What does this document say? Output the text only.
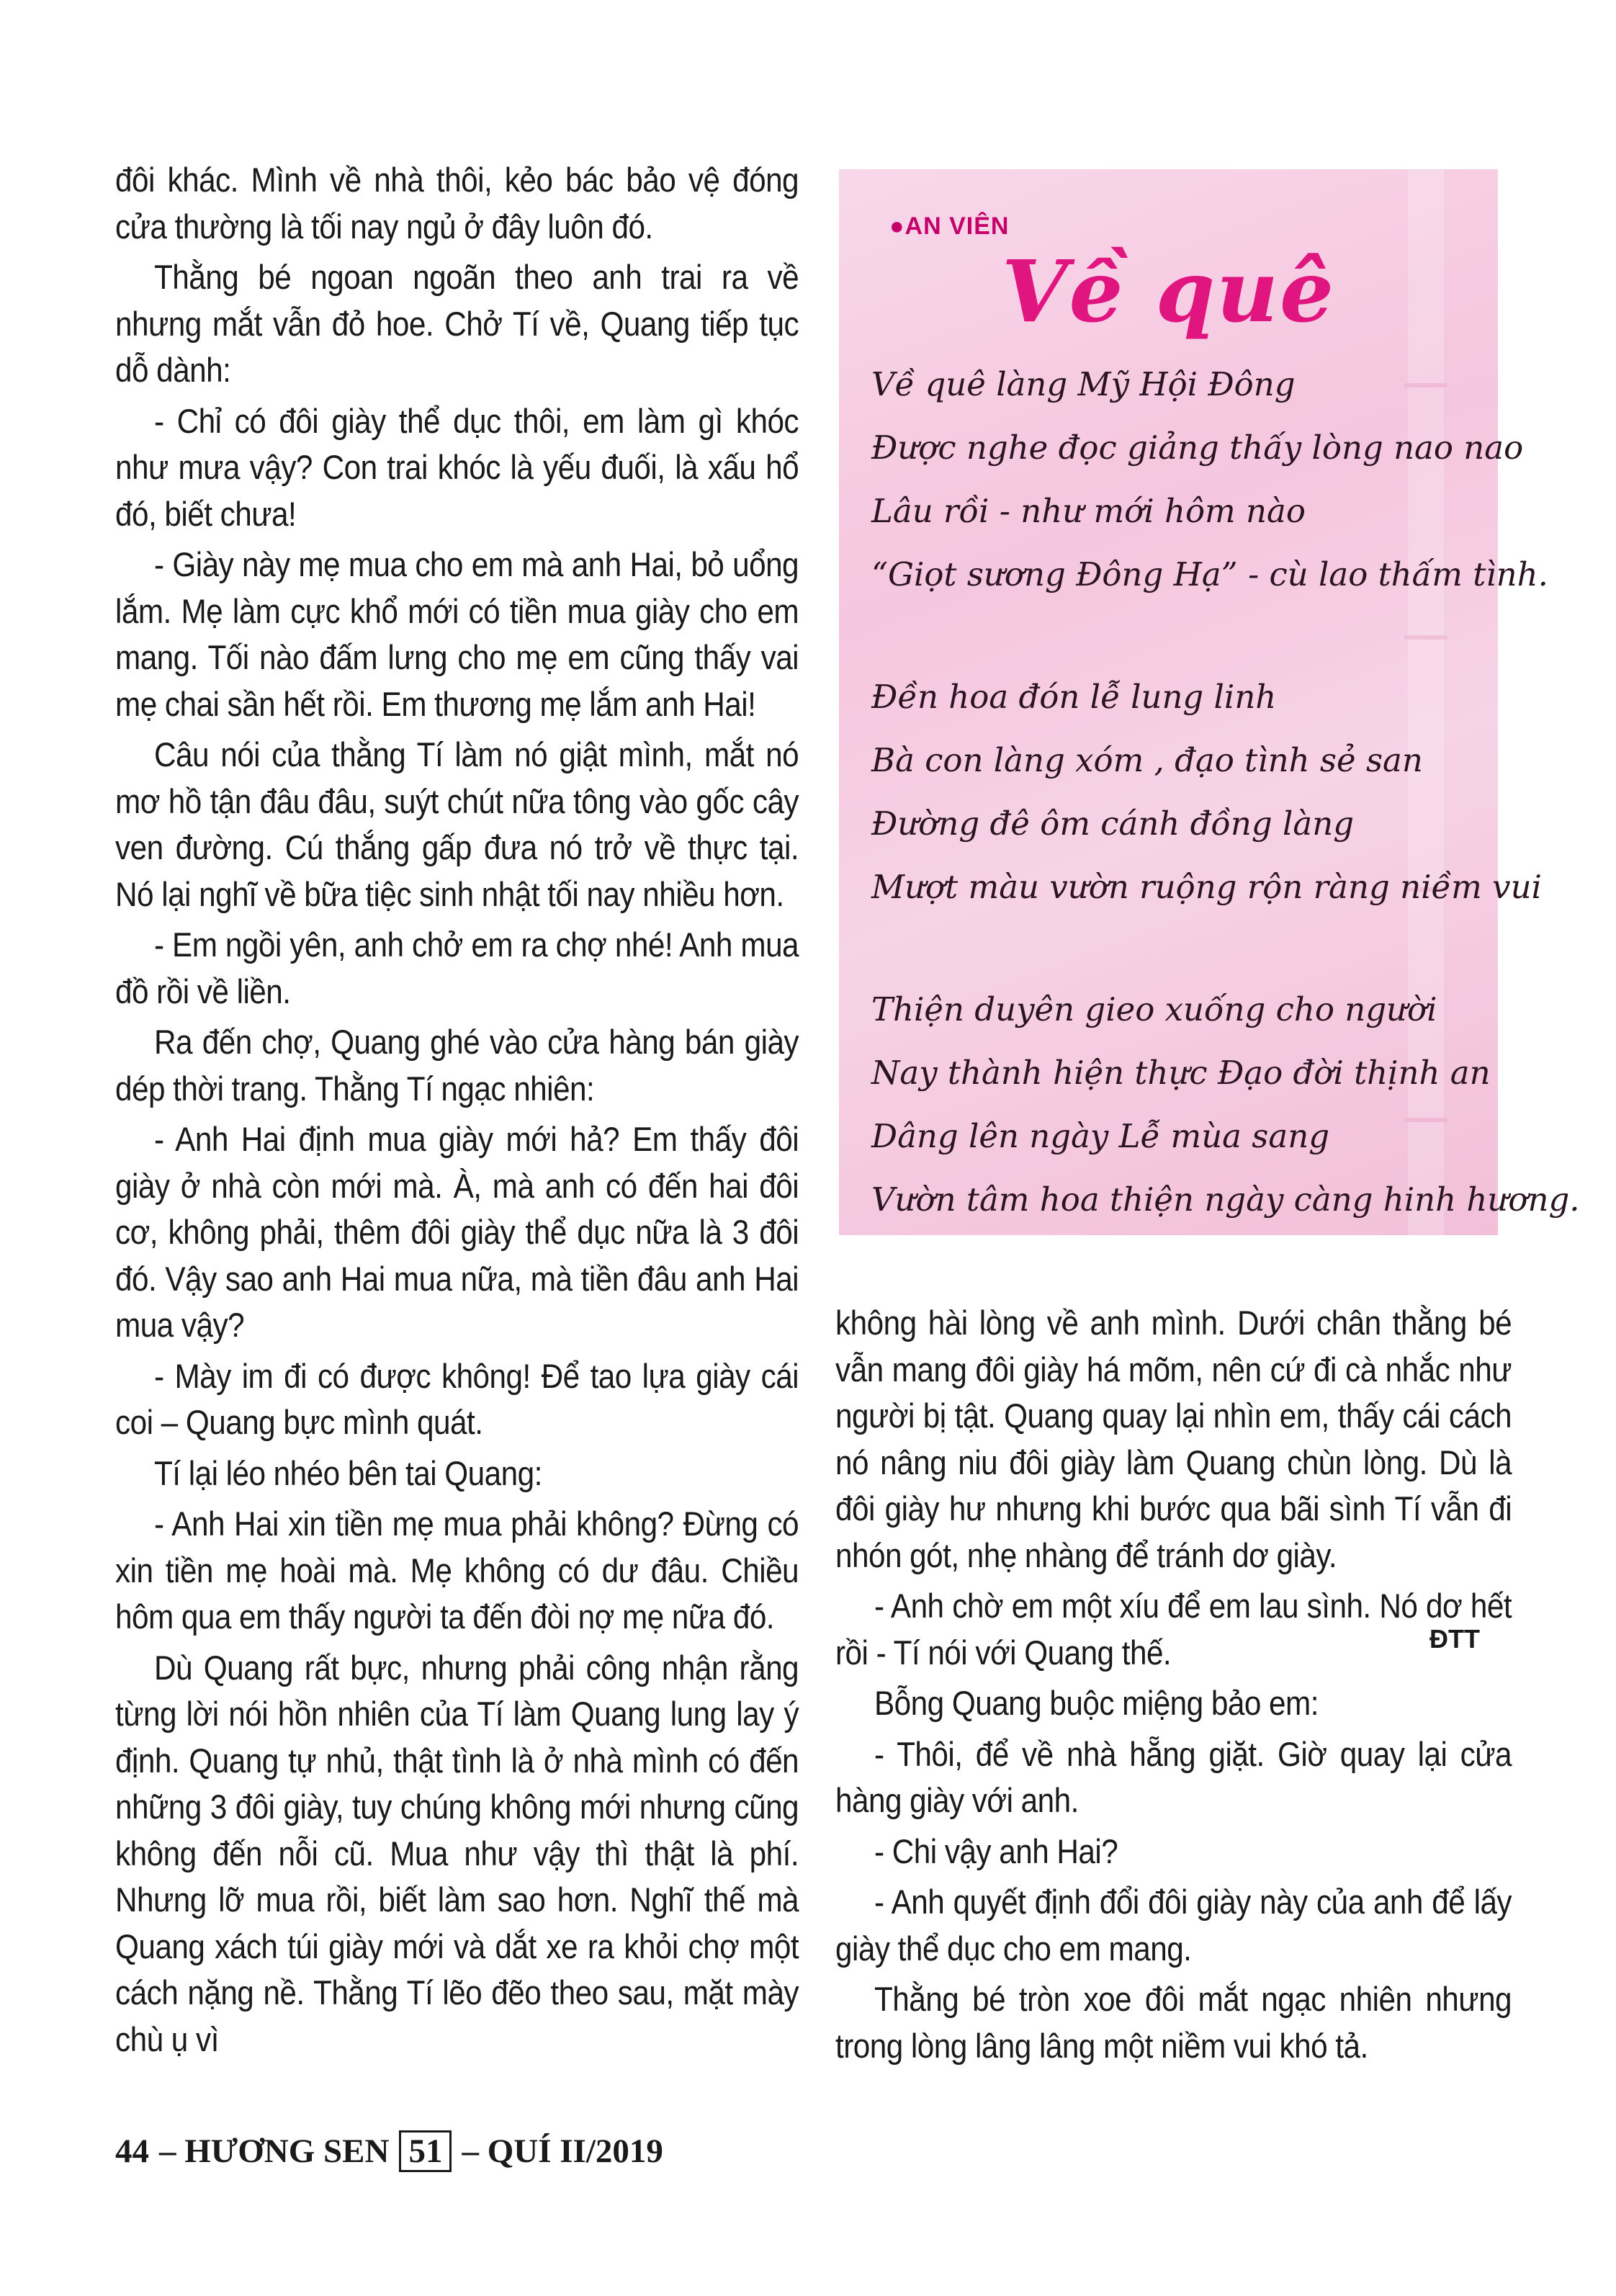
đôi khác. Mình về nhà thôi, kẻo bác bảo vệ đóng cửa thường là tối nay ngủ ở đây luôn đó.

Thằng bé ngoan ngoãn theo anh trai ra về nhưng mắt vẫn đỏ hoe. Chở Tí về, Quang tiếp tục dỗ dành:

- Chỉ có đôi giày thể dục thôi, em làm gì khóc như mưa vậy? Con trai khóc là yếu đuối, là xấu hổ đó, biết chưa!

- Giày này mẹ mua cho em mà anh Hai, bỏ uổng lắm. Mẹ làm cực khổ mới có tiền mua giày cho em mang. Tối nào đấm lưng cho mẹ em cũng thấy vai mẹ chai sần hết rồi. Em thương mẹ lắm anh Hai!

Câu nói của thằng Tí làm nó giật mình, mắt nó mơ hồ tận đâu đâu, suýt chút nữa tông vào gốc cây ven đường. Cú thắng gấp đưa nó trở về thực tại. Nó lại nghĩ về bữa tiệc sinh nhật tối nay nhiều hơn.

- Em ngồi yên, anh chở em ra chợ nhé! Anh mua đồ rồi về liền.

Ra đến chợ, Quang ghé vào cửa hàng bán giày dép thời trang. Thằng Tí ngạc nhiên:

- Anh Hai định mua giày mới hả? Em thấy đôi giày ở nhà còn mới mà. À, mà anh có đến hai đôi cơ, không phải, thêm đôi giày thể dục nữa là 3 đôi đó. Vậy sao anh Hai mua nữa, mà tiền đâu anh Hai mua vậy?

- Mày im đi có được không! Để tao lựa giày cái coi – Quang bực mình quát.

Tí lại léo nhéo bên tai Quang:

- Anh Hai xin tiền mẹ mua phải không? Đừng có xin tiền mẹ hoài mà. Mẹ không có dư đâu. Chiều hôm qua em thấy người ta đến đòi nợ mẹ nữa đó.

Dù Quang rất bực, nhưng phải công nhận rằng từng lời nói hồn nhiên của Tí làm Quang lung lay ý định. Quang tự nhủ, thật tình là ở nhà mình có đến những 3 đôi giày, tuy chúng không mới nhưng cũng không đến nỗi cũ. Mua như vậy thì thật là phí. Nhưng lỡ mua rồi, biết làm sao hơn. Nghĩ thế mà Quang xách túi giày mới và dắt xe ra khỏi chợ một cách nặng nề. Thằng Tí lẽo đẽo theo sau, mặt mày chù ụ vì

●AN VIÊN
Về quê
Về quê làng Mỹ Hội Đông
Được nghe đọc giảng thấy lòng nao nao
Lâu rồi - như mới hôm nào
“Giọt sương Đông Hạ” - cù lao thấm tình.
Đền hoa đón lễ lung linh
Bà con làng xóm , đạo tình sẻ san
Đường đê ôm cánh đồng làng
Mượt màu vườn ruộng rộn ràng niềm vui
Thiện duyên gieo xuống cho người
Nay thành hiện thực Đạo đời thịnh an
Dâng lên ngày Lễ mùa sang
Vườn tâm hoa thiện ngày càng hinh hương.

không hài lòng về anh mình. Dưới chân thằng bé vẫn mang đôi giày há mõm, nên cứ đi cà nhắc như người bị tật. Quang quay lại nhìn em, thấy cái cách nó nâng niu đôi giày làm Quang chùn lòng. Dù là đôi giày hư nhưng khi bước qua bãi sình Tí vẫn đi nhón gót, nhẹ nhàng để tránh dơ giày.

- Anh chờ em một xíu để em lau sình. Nó dơ hết rồi - Tí nói với Quang thế.

Bỗng Quang buộc miệng bảo em:

- Thôi, để về nhà hẵng giặt. Giờ quay lại cửa hàng giày với anh.

- Chi vậy anh Hai?

- Anh quyết định đổi đôi giày này của anh để lấy giày thể dục cho em mang.

Thằng bé tròn xoe đôi mắt ngạc nhiên nhưng trong lòng lâng lâng một niềm vui khó tả.

ĐTT
44 – HƯƠNG SEN 51 – QUÍ II/2019
